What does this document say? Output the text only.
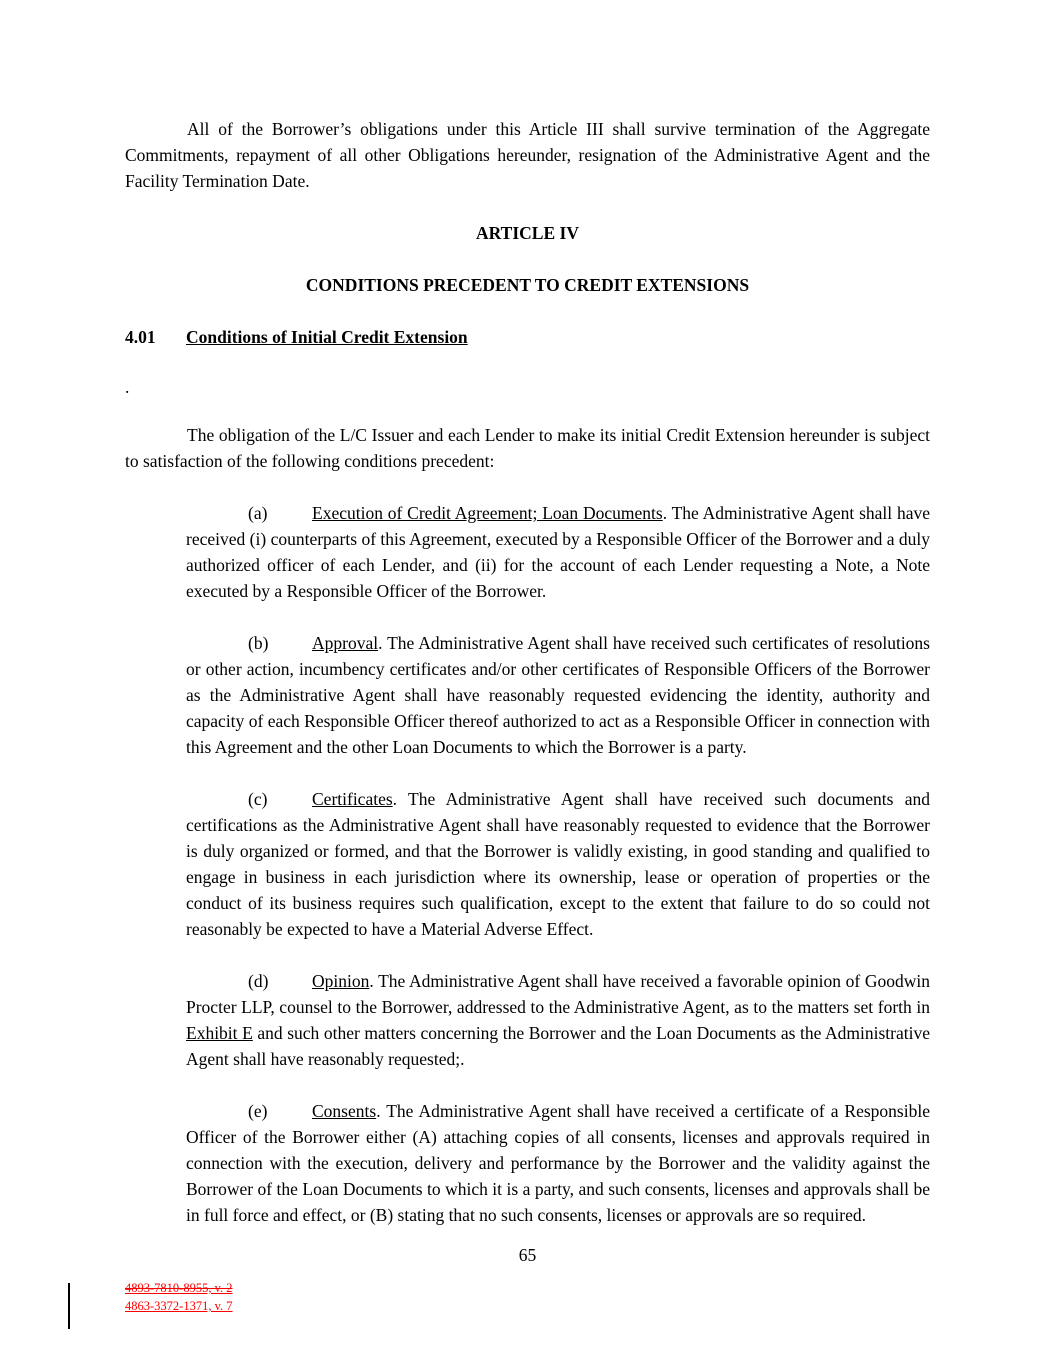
All of the Borrower’s obligations under this Article III shall survive termination of the Aggregate Commitments, repayment of all other Obligations hereunder, resignation of the Administrative Agent and the Facility Termination Date.
ARTICLE IV
CONDITIONS PRECEDENT TO CREDIT EXTENSIONS
4.01 Conditions of Initial Credit Extension
.
The obligation of the L/C Issuer and each Lender to make its initial Credit Extension hereunder is subject to satisfaction of the following conditions precedent:
(a)	Execution of Credit Agreement; Loan Documents. The Administrative Agent shall have received (i) counterparts of this Agreement, executed by a Responsible Officer of the Borrower and a duly authorized officer of each Lender, and (ii) for the account of each Lender requesting a Note, a Note executed by a Responsible Officer of the Borrower.
(b) Approval. The Administrative Agent shall have received such certificates of resolutions or other action, incumbency certificates and/or other certificates of Responsible Officers of the Borrower as the Administrative Agent shall have reasonably requested evidencing the identity, authority and capacity of each Responsible Officer thereof authorized to act as a Responsible Officer in connection with this Agreement and the other Loan Documents to which the Borrower is a party.
(c)	Certificates. The Administrative Agent shall have received such documents and certifications as the Administrative Agent shall have reasonably requested to evidence that the Borrower is duly organized or formed, and that the Borrower is validly existing, in good standing and qualified to engage in business in each jurisdiction where its ownership, lease or operation of properties or the conduct of its business requires such qualification, except to the extent that failure to do so could not reasonably be expected to have a Material Adverse Effect.
(d) Opinion. The Administrative Agent shall have received a favorable opinion of Goodwin Procter LLP, counsel to the Borrower, addressed to the Administrative Agent, as to the matters set forth in Exhibit E and such other matters concerning the Borrower and the Loan Documents as the Administrative Agent shall have reasonably requested;.
(e)	Consents. The Administrative Agent shall have received a certificate of a Responsible Officer of the Borrower either (A) attaching copies of all consents, licenses and approvals required in connection with the execution, delivery and performance by the Borrower and the validity against the Borrower of the Loan Documents to which it is a party, and such consents, licenses and approvals shall be in full force and effect, or (B) stating that no such consents, licenses or approvals are so required.
65
4893-7810-8955, v. 2
4863-3372-1371, v. 7
